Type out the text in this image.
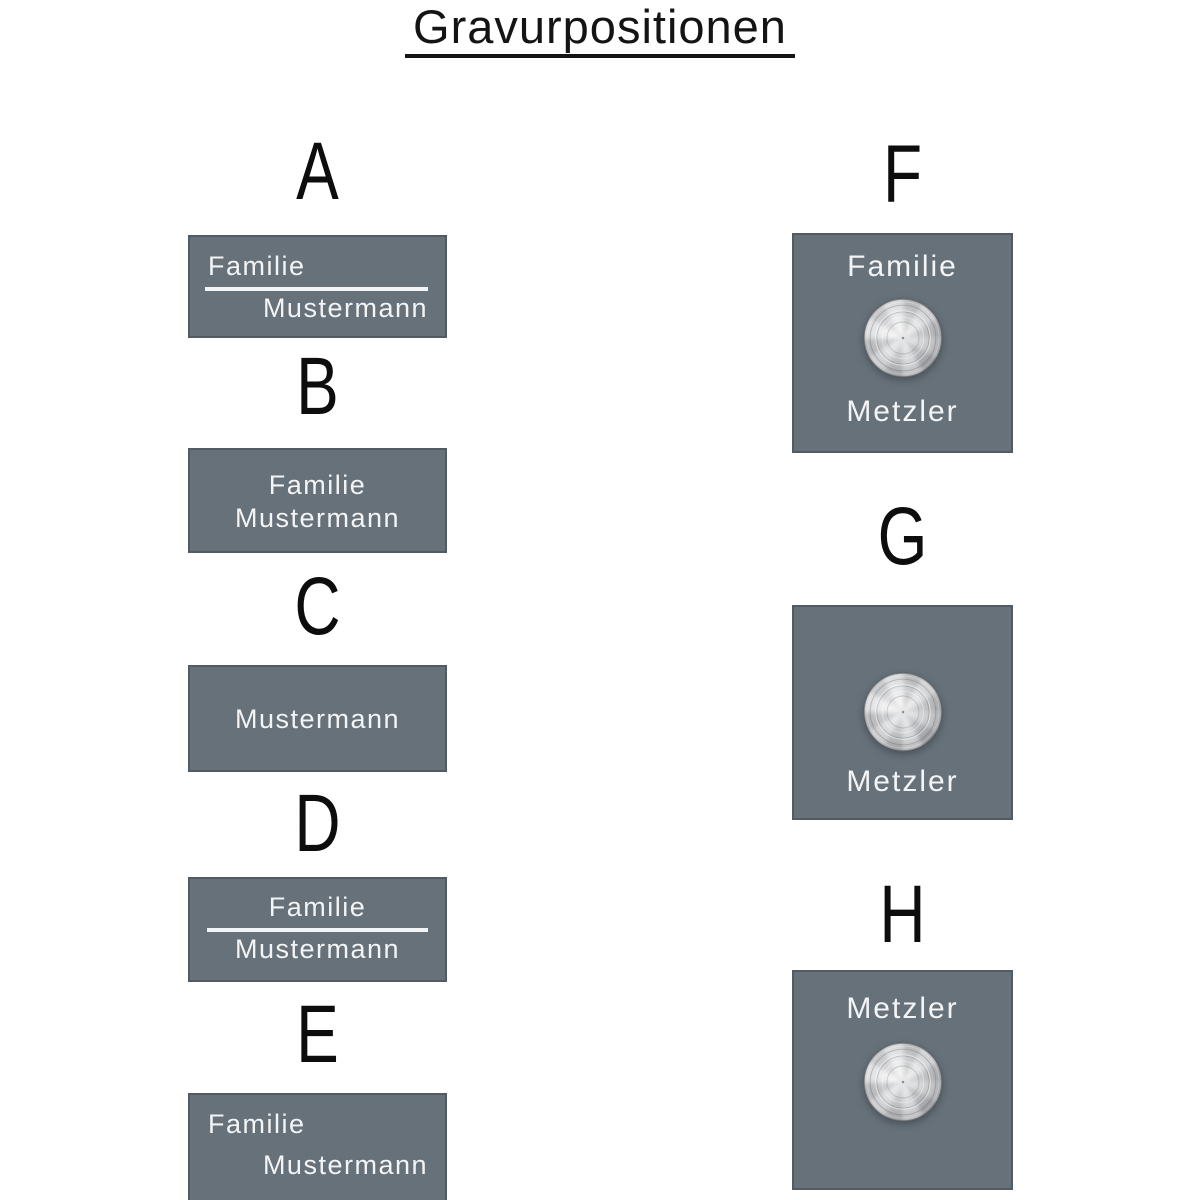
Gravurpositionen
A
Familie
Mustermann
B
Familie
Mustermann
C
Mustermann
D
Familie
Mustermann
E
Familie
Mustermann
F
Familie
Metzler
G
Metzler
H
Metzler
